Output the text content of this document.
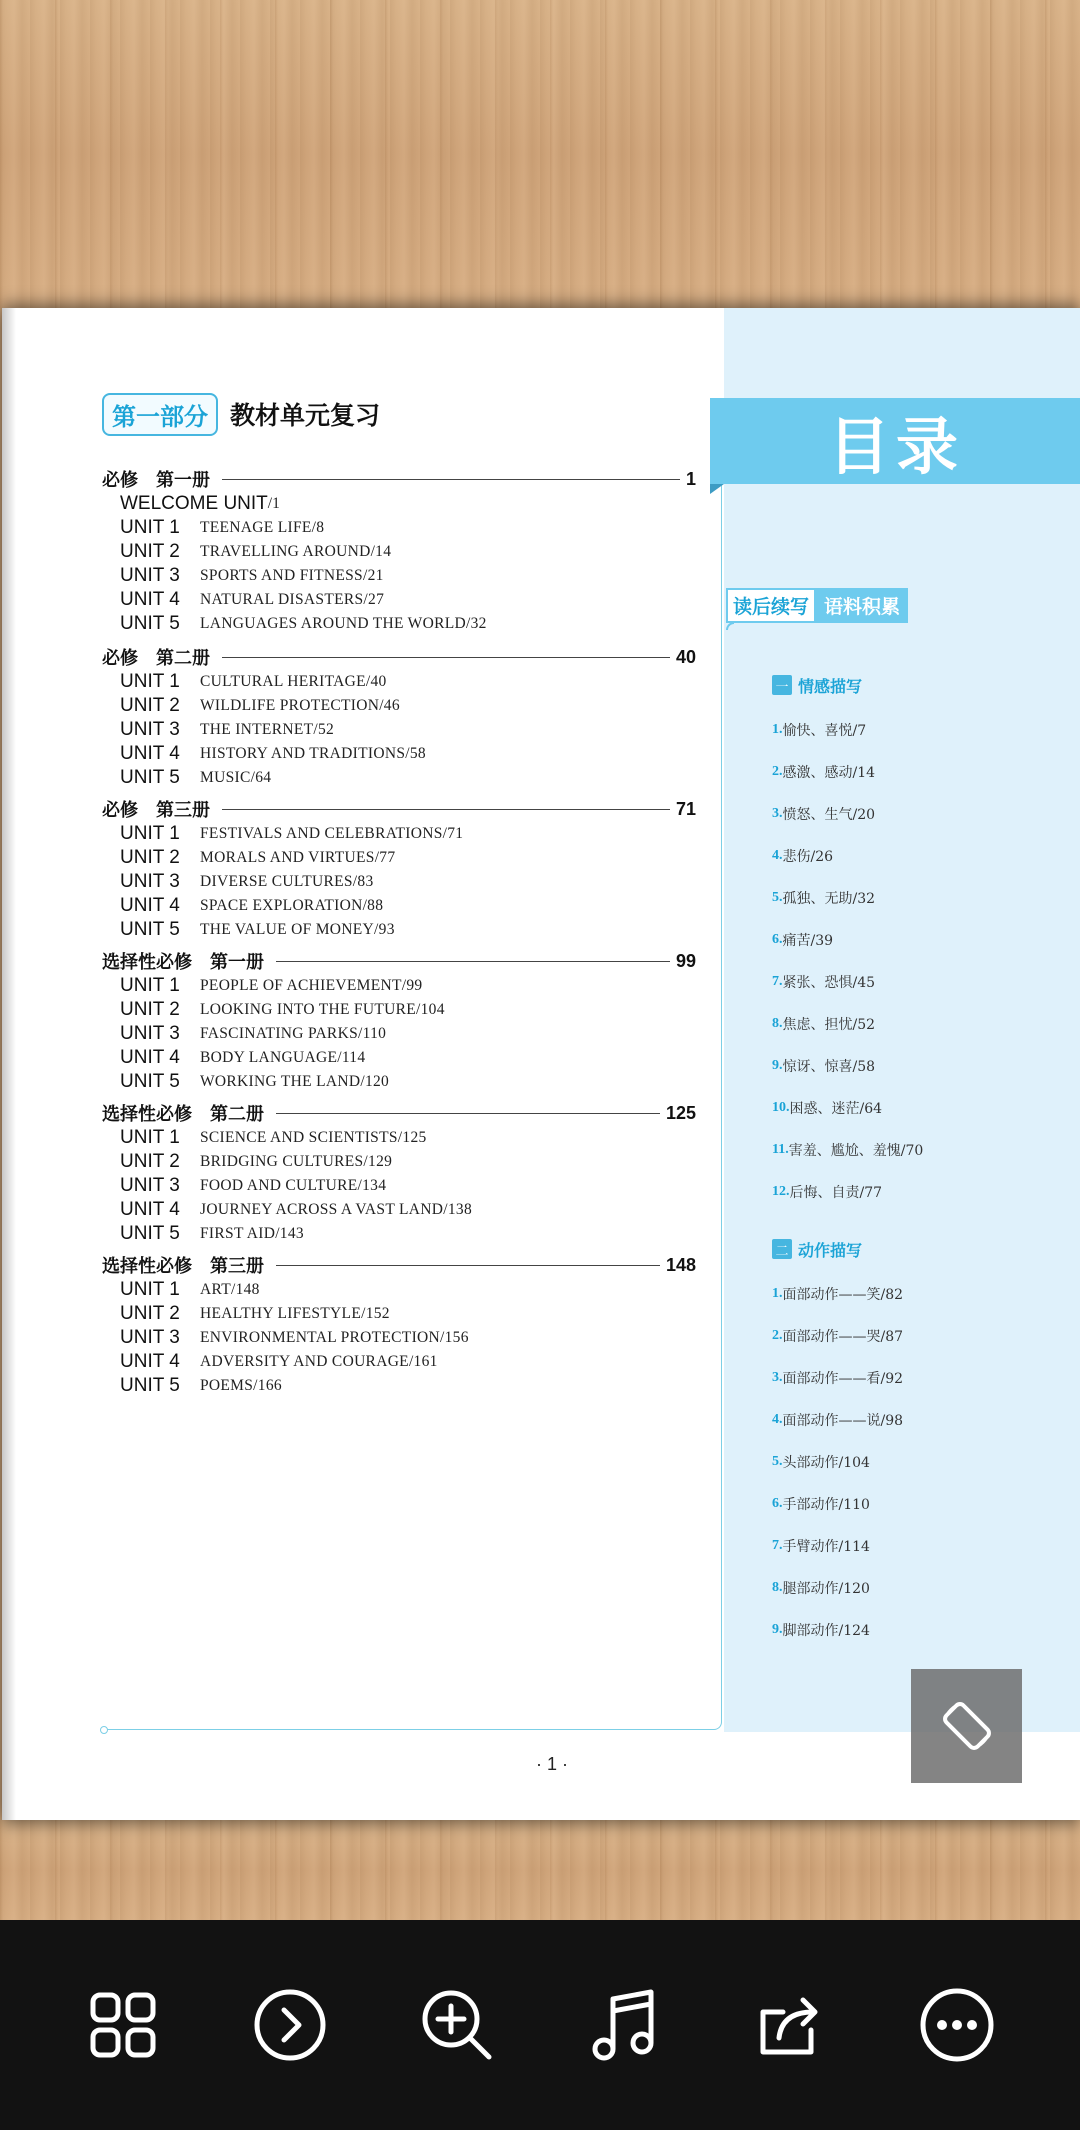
第一部分 教材单元复习
必修　第一册	1
WELCOME UNIT /1
UNIT 1	TEENAGE LIFE/8
UNIT 2	TRAVELLING AROUND/14
UNIT 3	SPORTS AND FITNESS/21
UNIT 4	NATURAL DISASTERS/27
UNIT 5	LANGUAGES AROUND THE WORLD/32
必修　第二册	40
UNIT 1	CULTURAL HERITAGE/40
UNIT 2	WILDLIFE PROTECTION/46
UNIT 3	THE INTERNET/52
UNIT 4	HISTORY AND TRADITIONS/58
UNIT 5	MUSIC/64
必修　第三册	71
UNIT 1	FESTIVALS AND CELEBRATIONS/71
UNIT 2	MORALS AND VIRTUES/77
UNIT 3	DIVERSE CULTURES/83
UNIT 4	SPACE EXPLORATION/88
UNIT 5	THE VALUE OF MONEY/93
选择性必修　第一册	99
UNIT 1	PEOPLE OF ACHIEVEMENT/99
UNIT 2	LOOKING INTO THE FUTURE/104
UNIT 3	FASCINATING PARKS/110
UNIT 4	BODY LANGUAGE/114
UNIT 5	WORKING THE LAND/120
选择性必修　第二册	125
UNIT 1	SCIENCE AND SCIENTISTS/125
UNIT 2	BRIDGING CULTURES/129
UNIT 3	FOOD AND CULTURE/134
UNIT 4	JOURNEY ACROSS A VAST LAND/138
UNIT 5	FIRST AID/143
选择性必修　第三册	148
UNIT 1	ART/148
UNIT 2	HEALTHY LIFESTYLE/152
UNIT 3	ENVIRONMENTAL PROTECTION/156
UNIT 4	ADVERSITY AND COURAGE/161
UNIT 5	POEMS/166
目录
读后续写 语料积累
一 情感描写
1. 愉快、喜悦/7
2. 感激、感动/14
3. 愤怒、生气/20
4. 悲伤/26
5. 孤独、无助/32
6. 痛苦/39
7. 紧张、恐惧/45
8. 焦虑、担忧/52
9. 惊讶、惊喜/58
10. 困惑、迷茫/64
11. 害羞、尴尬、羞愧/70
12. 后悔、自责/77
二 动作描写
1. 面部动作——笑/82
2. 面部动作——哭/87
3. 面部动作——看/92
4. 面部动作——说/98
5. 头部动作/104
6. 手部动作/110
7. 手臂动作/114
8. 腿部动作/120
9. 脚部动作/124
· 1 ·
